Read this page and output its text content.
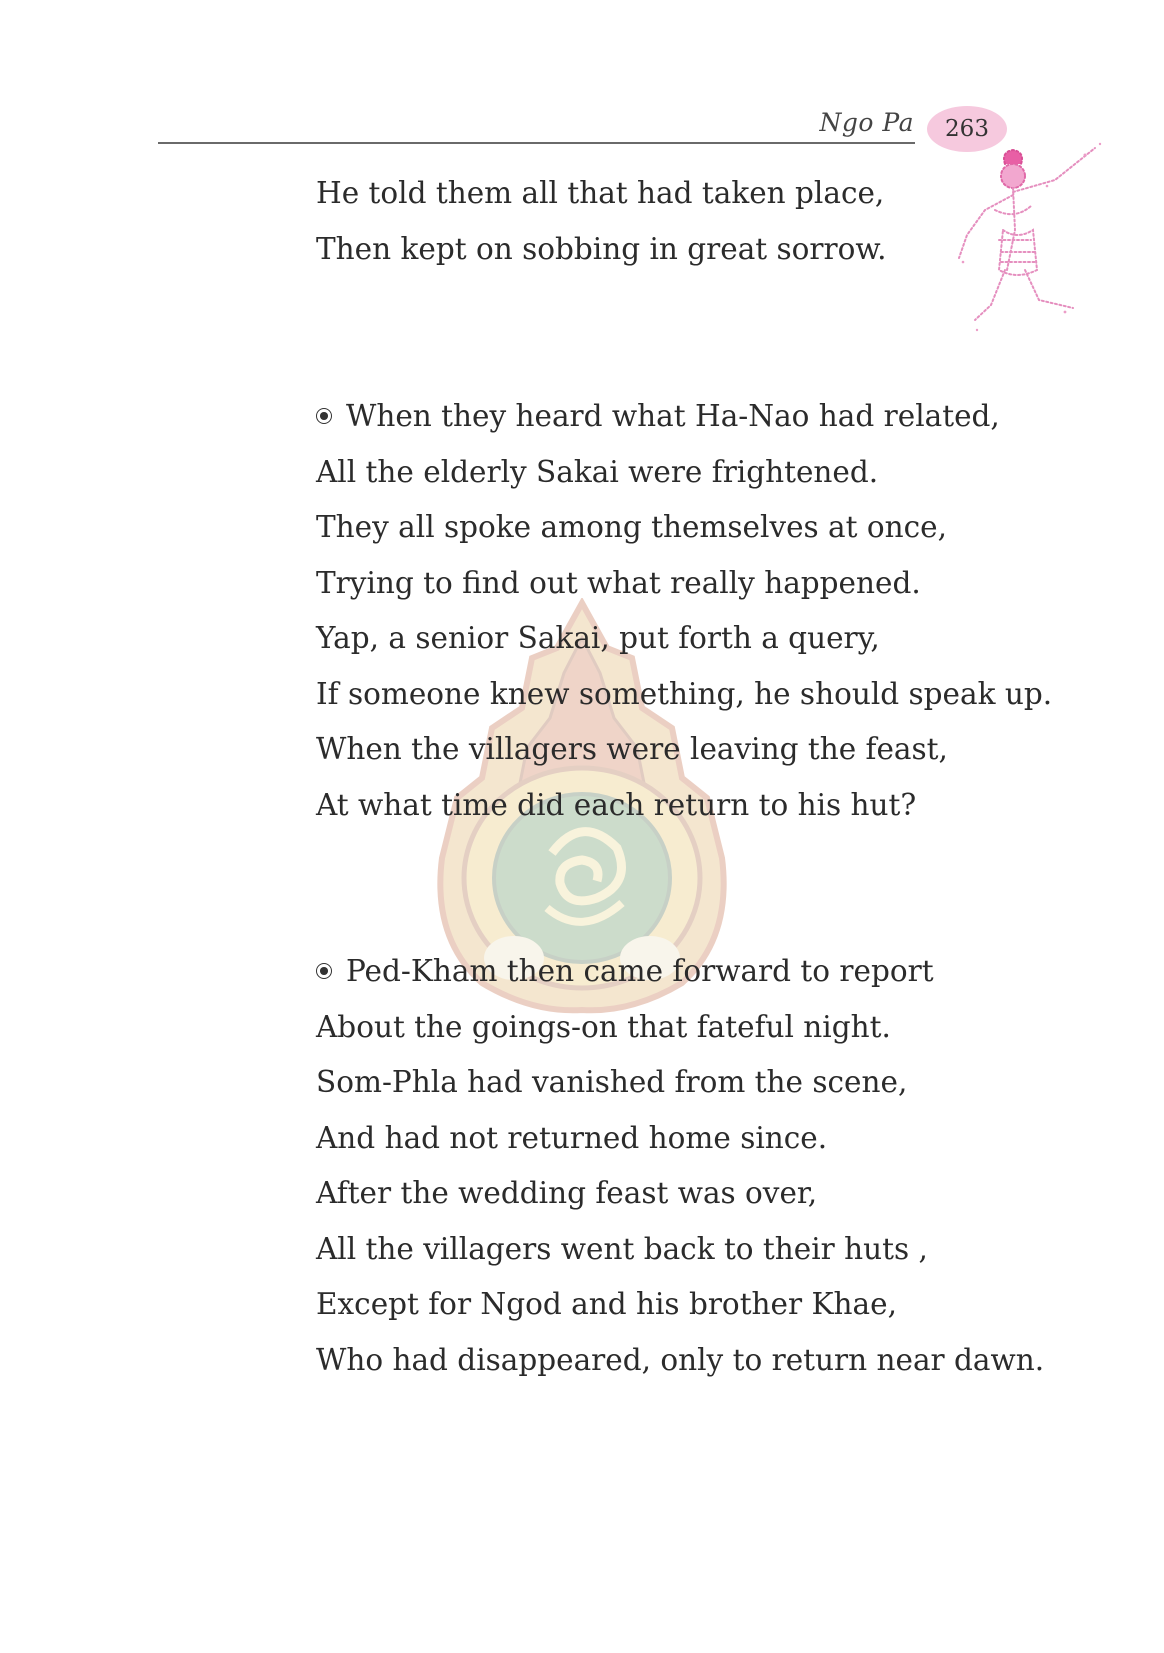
Ngo Pa 263
He told them all that had taken place,
Then kept on sobbing in great sorrow.
When they heard what Ha-Nao had related,
All the elderly Sakai were frightened.
They all spoke among themselves at once,
Trying to find out what really happened.
Yap, a senior Sakai, put forth a query,
If someone knew something, he should speak up.
When the villagers were leaving the feast,
At what time did each return to his hut?
Ped-Kham then came forward to report
About the goings-on that fateful night.
Som-Phla had vanished from the scene,
And had not returned home since.
After the wedding feast was over,
All the villagers went back to their huts ,
Except for Ngod and his brother Khae,
Who had disappeared, only to return near dawn.
